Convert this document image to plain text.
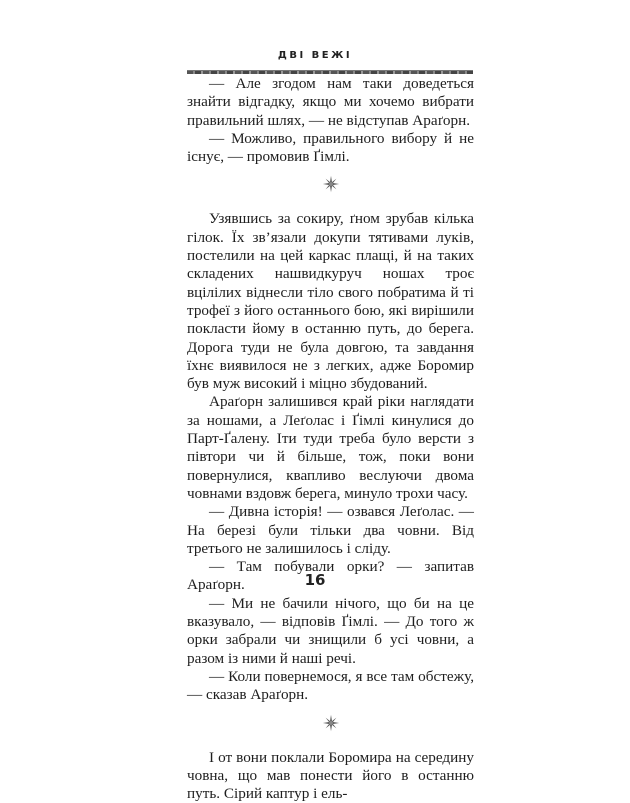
ДВІ ВЕЖІ

— Але згодом нам таки доведеться знайти відгадку, якщо ми хочемо вибрати правильний шлях, — не відступав Араґорн.

— Можливо, правильного вибору й не існує, — промовив Ґімлі.

Узявшись за сокиру, ґном зрубав кілька гілок. Їх зв’язали докупи тятивами луків, постелили на цей каркас плащі, й на таких складених нашвидкуруч ношах троє вцілілих віднесли тіло свого побратима й ті трофеї з його останнього бою, які вирішили покласти йому в останню путь, до берега. Дорога туди не була довгою, та завдання їхнє виявилося не з легких, адже Боромир був муж високий і міцно збудований.

Араґорн залишився край ріки наглядати за ношами, а Леґолас і Ґімлі кинулися до Парт-Ґалену. Іти туди треба було версти з півтори чи й більше, тож, поки вони повернулися, квапливо веслуючи двома човнами вздовж берега, минуло трохи часу.

— Дивна історія! — озвався Леґолас. — На березі були тільки два човни. Від третього не залишилось і сліду.

— Там побували орки? — запитав Араґорн.

— Ми не бачили нічого, що би на це вказувало, — відповів Ґімлі. — До того ж орки забрали чи знищили б усі човни, а разом із ними й наші речі.

— Коли повернемося, я все там обстежу, — сказав Араґорн.

І от вони поклали Боромира на середину човна, що мав понести його в останню путь. Сірий каптур і ель-

16
